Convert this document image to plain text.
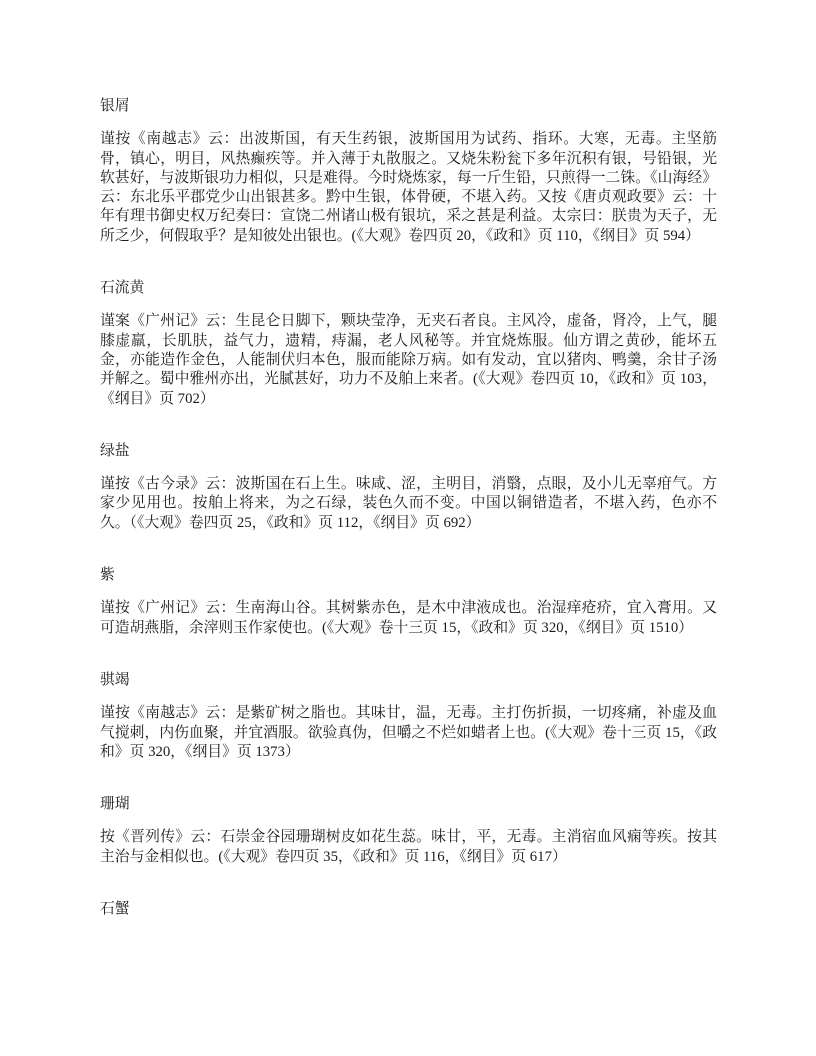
银屑

谨按《南越志》云：出波斯国，有天生药银，波斯国用为试药、指环。大寒，无毒。主坚筋骨，镇心，明目，风热癫疾等。并入薄于丸散服之。又烧朱粉瓮下多年沉积有银，号铅银，光软甚好，与波斯银功力相似，只是难得。今时烧炼家，每一斤生铅，只煎得一二铢。《山海经》云：东北乐平郡党少山出银甚多。黔中生银，体骨硬，不堪入药。又按《唐贞观政要》云：十年有理书御史权万纪奏曰：宣饶二州诸山极有银坑，采之甚是利益。太宗曰：朕贵为天子，无所乏少，何假取乎？是知彼处出银也。(《大观》卷四页 20，《政和》页 110，《纲目》页 594）

石流黄

谨案《广州记》云：生昆仑日脚下，颗块莹净，无夹石者良。主风冷，虚备，肾冷，上气，腿膝虚羸，长肌肤，益气力，遗精，痔漏，老人风秘等。并宜烧炼服。仙方谓之黄砂，能坏五金，亦能造作金色，人能制伏归本色，服而能除万病。如有发动，宜以猪肉、鸭羹，余甘子汤并解之。蜀中雅州亦出，光腻甚好，功力不及舶上来者。(《大观》卷四页 10，《政和》页 103，《纲目》页 702）

绿盐

谨按《古今录》云：波斯国在石上生。味咸、涩，主明目，消翳，点眼，及小儿无辜疳气。方家少见用也。按舶上将来，为之石绿，装色久而不变。中国以铜错造者，不堪入药，色亦不久。（《大观》卷四页 25，《政和》页 112，《纲目》页 692）

紫

谨按《广州记》云：生南海山谷。其树紫赤色，是木中津液成也。治湿痒疮疥，宜入膏用。又可造胡燕脂，余滓则玉作家使也。(《大观》卷十三页 15，《政和》页 320，《纲目》页 1510）

骐竭

谨按《南越志》云：是紫矿树之脂也。其味甘，温，无毒。主打伤折损，一切疼痛，补虚及血气搅刺，内伤血聚，并宜酒服。欲验真伪，但嚼之不烂如蜡者上也。(《大观》卷十三页 15，《政和》页 320，《纲目》页 1373）

珊瑚

按《晋列传》云：石崇金谷园珊瑚树皮如花生蕊。味甘，平，无毒。主消宿血风痫等疾。按其主治与金相似也。(《大观》卷四页 35，《政和》页 116，《纲目》页 617）

石蟹
